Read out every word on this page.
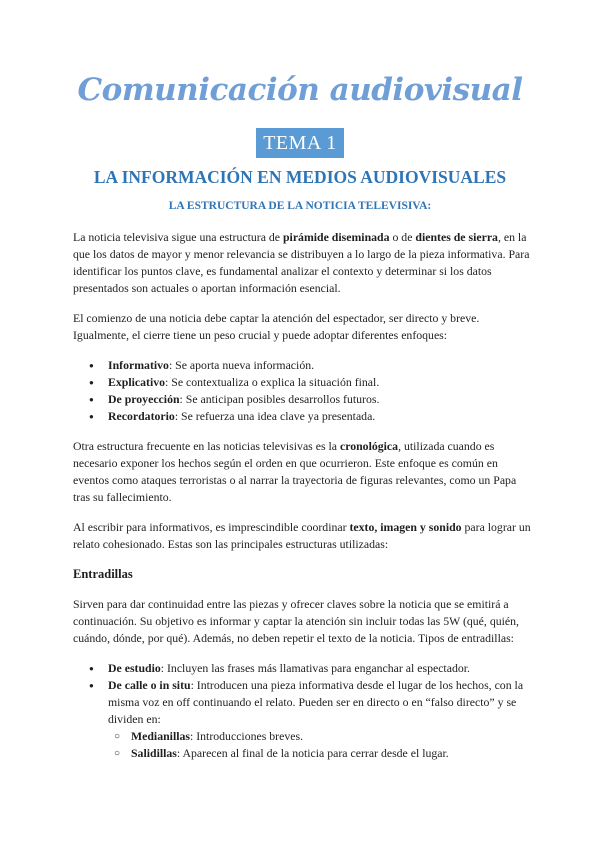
Comunicación audiovisual
TEMA 1
LA INFORMACIÓN EN MEDIOS AUDIOVISUALES
LA ESTRUCTURA DE LA NOTICIA TELEVISIVA:

La noticia televisiva sigue una estructura de pirámide diseminada o de dientes de sierra, en la que los datos de mayor y menor relevancia se distribuyen a lo largo de la pieza informativa. Para identificar los puntos clave, es fundamental analizar el contexto y determinar si los datos presentados son actuales o aportan información esencial.

El comienzo de una noticia debe captar la atención del espectador, ser directo y breve. Igualmente, el cierre tiene un peso crucial y puede adoptar diferentes enfoques:

● Informativo: Se aporta nueva información.
● Explicativo: Se contextualiza o explica la situación final.
● De proyección: Se anticipan posibles desarrollos futuros.
● Recordatorio: Se refuerza una idea clave ya presentada.

Otra estructura frecuente en las noticias televisivas es la cronológica, utilizada cuando es necesario exponer los hechos según el orden en que ocurrieron. Este enfoque es común en eventos como ataques terroristas o al narrar la trayectoria de figuras relevantes, como un Papa tras su fallecimiento.

Al escribir para informativos, es imprescindible coordinar texto, imagen y sonido para lograr un relato cohesionado. Estas son las principales estructuras utilizadas:

Entradillas

Sirven para dar continuidad entre las piezas y ofrecer claves sobre la noticia que se emitirá a continuación. Su objetivo es informar y captar la atención sin incluir todas las 5W (qué, quién, cuándo, dónde, por qué). Además, no deben repetir el texto de la noticia. Tipos de entradillas:

● De estudio: Incluyen las frases más llamativas para enganchar al espectador.
● De calle o in situ: Introducen una pieza informativa desde el lugar de los hechos, con la misma voz en off continuando el relato. Pueden ser en directo o en “falso directo” y se dividen en:
○ Medianillas: Introducciones breves.
○ Salidillas: Aparecen al final de la noticia para cerrar desde el lugar.
